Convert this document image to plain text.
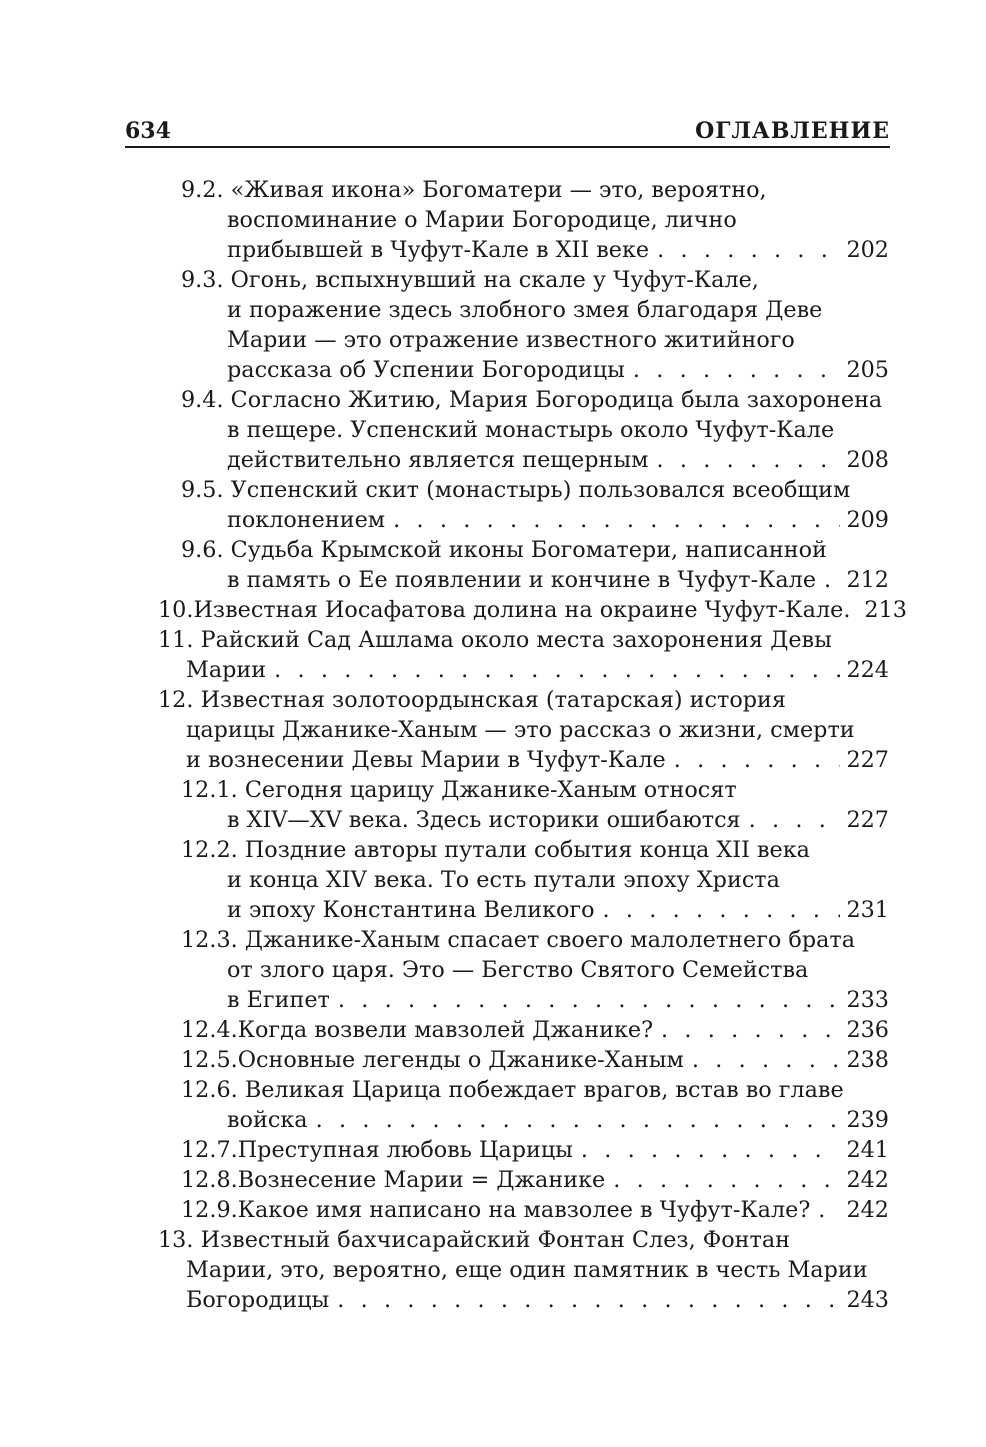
634	ОГЛАВЛЕНИЕ
9.2. «Живая икона» Богоматери — это, вероятно,
воспоминание о Марии Богородице, лично
прибывшей в Чуфут-Кале в XII веке . . .	202
9.3. Огонь, вспыхнувший на скале у Чуфут-Кале,
и поражение здесь злобного змея благодаря Деве
Марии — это отражение известного житийного
рассказа об Успении Богородицы . . .	205
9.4. Согласно Житию, Мария Богородица была захоронена
в пещере. Успенский монастырь около Чуфут-Кале
действительно является пещерным . . .	208
9.5. Успенский скит (монастырь) пользовался всеобщим
поклонением . . .	209
9.6. Судьба Крымской иконы Богоматери, написанной
в память о Ее появлении и кончине в Чуфут-Кале . . . 212
10. Известная Иосафатова долина на окраине Чуфут-Кале. 213
11. Райский Сад Ашлама около места захоронения Девы
Марии . . .	224
12. Известная золотоордынская (татарская) история
царицы Джанике-Ханым — это рассказ о жизни, смерти
и вознесении Девы Марии в Чуфут-Кале . . .	227
12.1. Сегодня царицу Джанике-Ханым относят
в XIV—XV века. Здесь историки ошибаются . . .	227
12.2. Поздние авторы путали события конца XII века
и конца XIV века. То есть путали эпоху Христа
и эпоху Константина Великого . . .	231
12.3. Джанике-Ханым спасает своего малолетнего брата
от злого царя. Это — Бегство Святого Семейства
в Египет . . .	233
12.4. Когда возвели мавзолей Джанике? . . .	236
12.5. Основные легенды о Джанике-Ханым . . .	238
12.6. Великая Царица побеждает врагов, встав во главе
войска . . .	239
12.7. Преступная любовь Царицы . . .	241
12.8. Вознесение Марии = Джанике . . .	242
12.9. Какое имя написано на мавзолее в Чуфут-Кале? . . . 242
13. Известный бахчисарайский Фонтан Слез, Фонтан
Марии, это, вероятно, еще один памятник в честь Марии
Богородицы . . .	243
